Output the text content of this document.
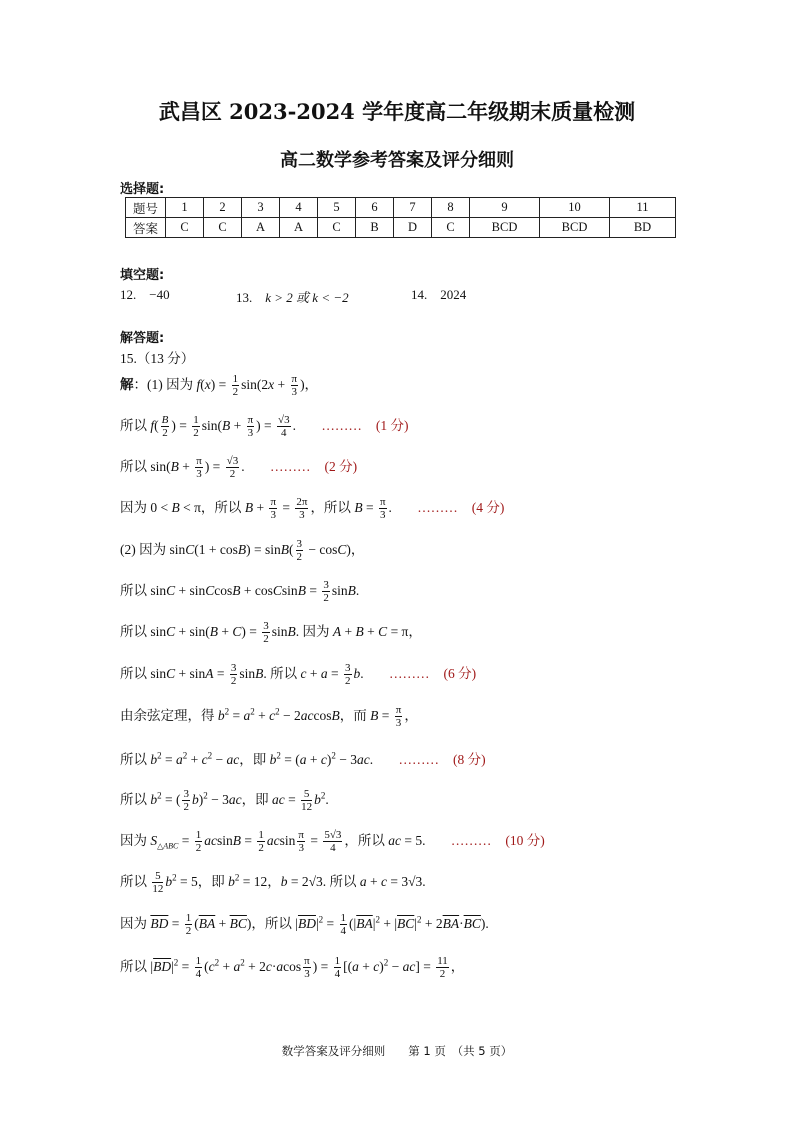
武昌区 2023-2024 学年度高二年级期末质量检测
高二数学参考答案及评分细则
选择题:
题号	1	2	3	4	5	6	7	8	9	10	11
答案	C	C	A	A	C	B	D	C	BCD	BCD	BD
填空题:
12. −40	13. k > 2 或 k < −2	14. 2024
解答题:
15.（13 分）
解：(1) 因为 $f(x) = \frac{1}{2} \sin(2x + \frac{\pi}{3}$ )，
所以 $f( \frac{B}{2}$ ) = $\frac{1}{2} \sin(B + \frac{\pi}{3}$ ) = $\frac{√3}{4}$ . ……… (1 分)
所以 $\sin(B + \frac{\pi}{3}$ ) = $\frac{√3}{2}$ . ……… (2 分)
因为 0 < B < π，所以 $B + \frac{\pi}{3} = \frac{2\pi}{3}$ ，所以 $B = \frac{\pi}{3}$ . ……… (4 分)
(2) 因为 $\sin C(1 + \cos B) = \sin B( \frac{3}{2} - \cos C)$，
所以 sinC + sinCcosB + cosCsinB = $\frac{3}{2} \sin B$.
所以 $\sin C + \sin(B + C) = \frac{3}{2} \sin B$. 因为 A + B + C = π，
所以 $\sin C + \sin A = \frac{3}{2} \sin B$. 所以 $c + a = \frac{3}{2} b$. ……… (6 分)
由余弦定理，得 $b^2 = a^2 + c^2 - 2accosB$，而 $B = \frac{\pi}{3}$ ，
所以 $b^2 = a^2 + c^2$ − ac，即 $b^2 = (a + c)^2 - 3ac$. ……… (8 分)
所以 $b^2$ = ( $\frac{3}{2} b)^2 - 3ac$，即 ac = $\frac{5}{12} b^2$.
因为 $S_{\triangle ABC} = \frac{1}{2}$ $acsinB = \frac{1}{2}$ acsin $\frac{\pi}{3} = \frac{5√3}{4}$ ，所以 ac = 5. ……… (10 分)
所以 $\frac{5}{12} b^2 = 5$，即 $b^2 = 12$，b = 2√3. 所以 a + c = 3√3.
因为 $\overline{BD} = \frac{1}{2} (\overline{BA} + \overline{BC})$，所以 $|\overline{BD}|^2 = \frac{1}{4} (|\overline{BA}|^2 + |\overline{BC}|^2 + 2\overline{BA}\cdot\overline{BC})$.
所以 $|\overline{BD}|^2 = \frac{1}{4} (c^2 + a^2 + 2c\cdot acos \frac{\pi}{3}$ ) = $\frac{1}{4} [(a + c)^2 - ac] = \frac{11}{2}$ ，
数学答案及评分细则　　第 1 页　（共 5 页）
